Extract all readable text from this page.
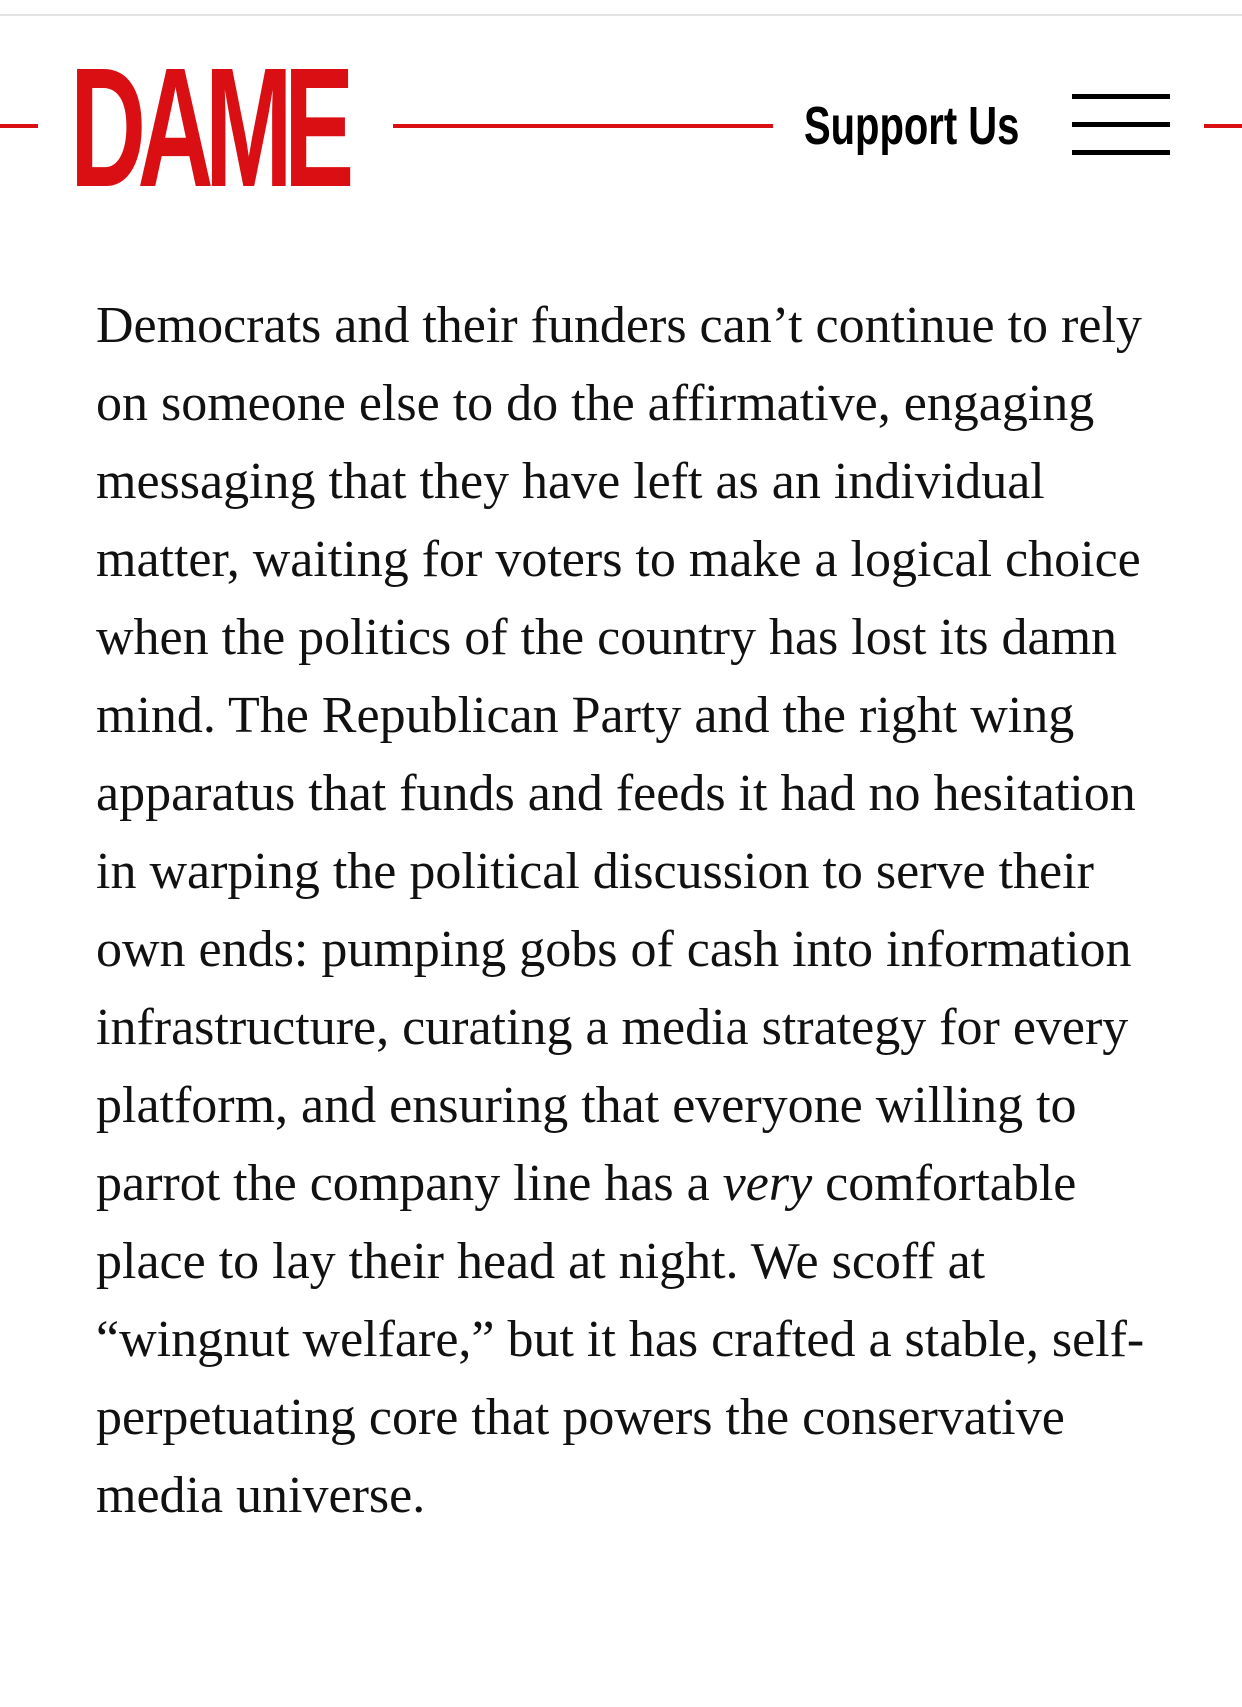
DAME	Support Us

Democrats and their funders can’t continue to rely on someone else to do the affirmative, engaging messaging that they have left as an individual matter, waiting for voters to make a logical choice when the politics of the country has lost its damn mind. The Republican Party and the right wing apparatus that funds and feeds it had no hesitation in warping the political discussion to serve their own ends: pumping gobs of cash into information infrastructure, curating a media strategy for every platform, and ensuring that everyone willing to parrot the company line has a very comfortable place to lay their head at night. We scoff at “wingnut welfare,” but it has crafted a stable, self-perpetuating core that powers the conservative media universe.
